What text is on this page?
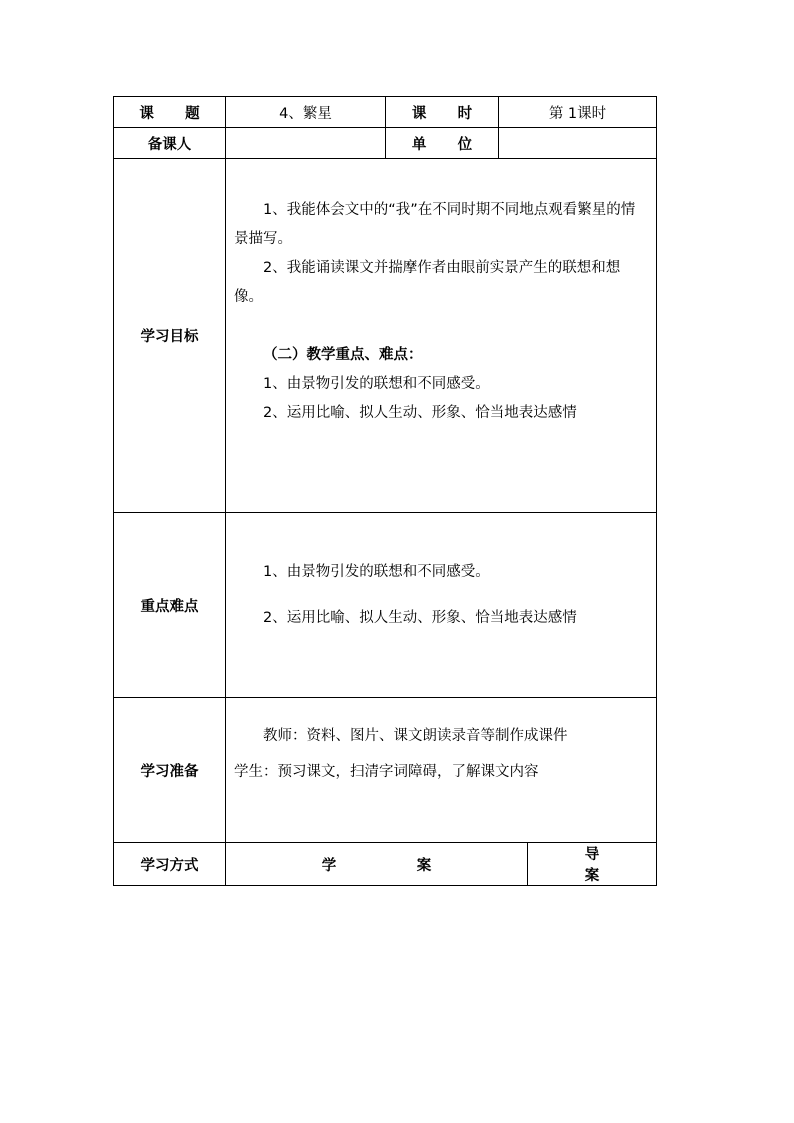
课 题	4、繁星	课 时	第 1课时	
备课人		单 位		
学习目标	1、我能体会文中的“我”在不同时期不同地点观看繁星的情景描写。

2、我能诵读课文并揣摩作者由眼前实景产生的联想和想像。

（二）教学重点、难点：

1、由景物引发的联想和不同感受。

2、运用比喻、拟人生动、形象、恰当地表达感情			

重点难点	1、由景物引发的联想和不同感受。

2、运用比喻、拟人生动、形象、恰当地表达感情			

学习准备	教师：资料、图片、课文朗读录音等制作成课件

学生：预习课文，扫清字词障碍，了解课文内容			

学习方式	学 案			导 案
